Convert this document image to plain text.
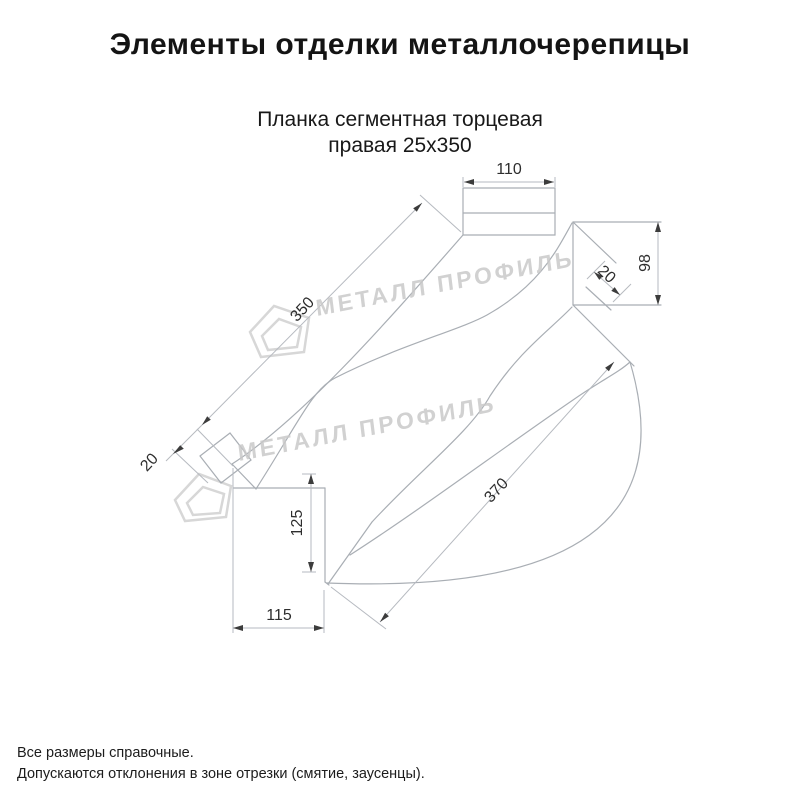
Элементы отделки металлочерепицы
Планка сегментная торцевая
правая 25х350
МЕТАЛЛ ПРОФИЛЬ
МЕТАЛЛ ПРОФИЛЬ
110
350
20
98
20
125
370
115
Все размеры справочные.
Допускаются отклонения в зоне отрезки (смятие, заусенцы).
